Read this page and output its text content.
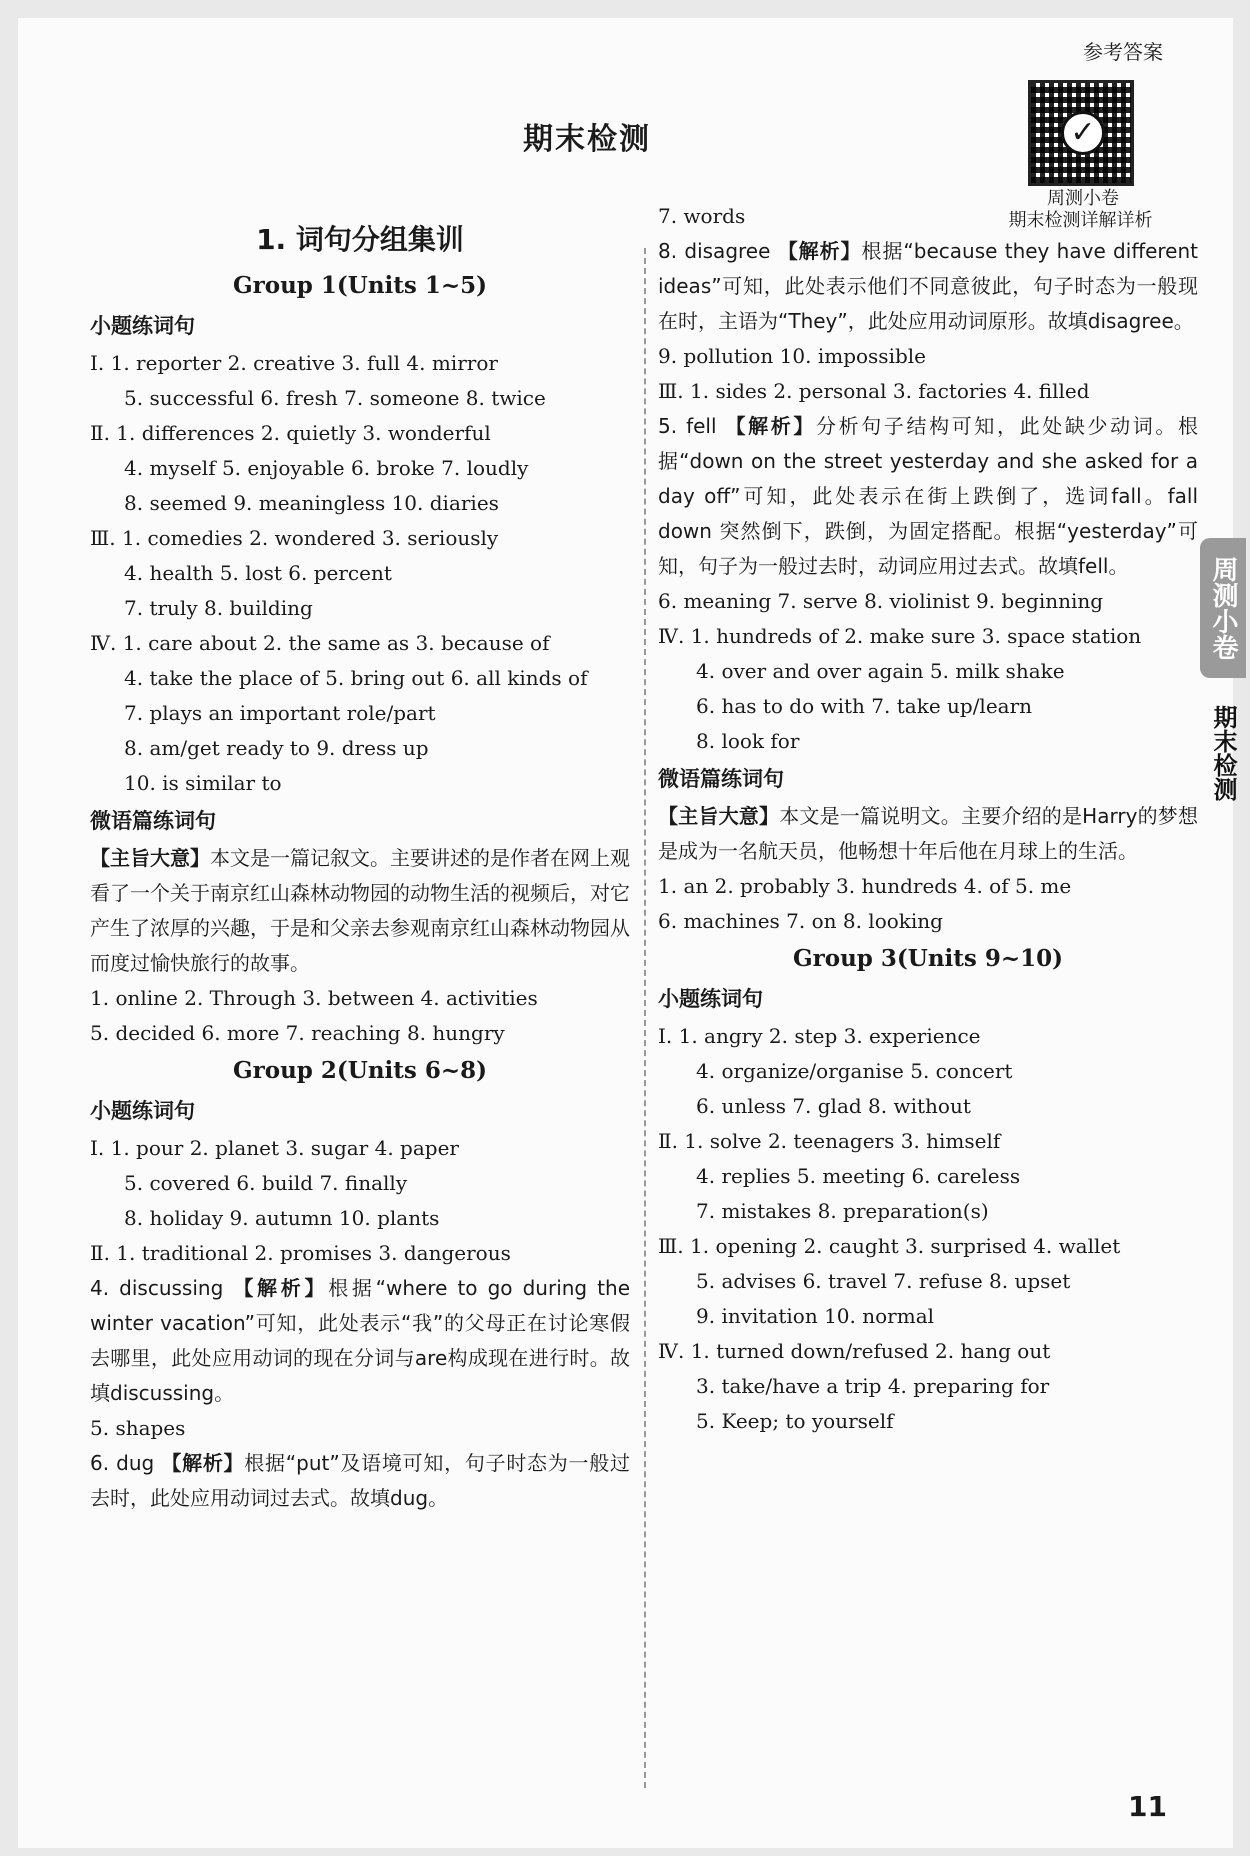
参考答案
✓
周测小卷
期末检测详解详析
期末检测
1. 词句分组集训
Group 1(Units 1~5)
小题练词句
Ⅰ. 1. reporter 2. creative 3. full 4. mirror
5. successful 6. fresh 7. someone 8. twice
Ⅱ. 1. differences 2. quietly 3. wonderful
4. myself 5. enjoyable 6. broke 7. loudly
8. seemed 9. meaningless 10. diaries
Ⅲ. 1. comedies 2. wondered 3. seriously
4. health 5. lost 6. percent
7. truly 8. building
Ⅳ. 1. care about 2. the same as 3. because of
4. take the place of 5. bring out 6. all kinds of
7. plays an important role/part
8. am/get ready to 9. dress up
10. is similar to
微语篇练词句
【主旨大意】本文是一篇记叙文。主要讲述的是作者在网上观看了一个关于南京红山森林动物园的动物生活的视频后，对它产生了浓厚的兴趣，于是和父亲去参观南京红山森林动物园从而度过愉快旅行的故事。
1. online 2. Through 3. between 4. activities
5. decided 6. more 7. reaching 8. hungry
Group 2(Units 6~8)
小题练词句
Ⅰ. 1. pour 2. planet 3. sugar 4. paper
5. covered 6. build 7. finally
8. holiday 9. autumn 10. plants
Ⅱ. 1. traditional 2. promises 3. dangerous
4. discussing 【解析】根据“where to go during the winter vacation”可知，此处表示“我”的父母正在讨论寒假去哪里，此处应用动词的现在分词与are构成现在进行时。故填discussing。
5. shapes
6. dug 【解析】根据“put”及语境可知，句子时态为一般过去时，此处应用动词过去式。故填dug。
7. words
8. disagree 【解析】根据“because they have different ideas”可知，此处表示他们不同意彼此，句子时态为一般现在时，主语为“They”，此处应用动词原形。故填disagree。
9. pollution 10. impossible
Ⅲ. 1. sides 2. personal 3. factories 4. filled
5. fell 【解析】分析句子结构可知，此处缺少动词。根据“down on the street yesterday and she asked for a day off”可知，此处表示在街上跌倒了，选词fall。fall down 突然倒下，跌倒，为固定搭配。根据“yesterday”可知，句子为一般过去时，动词应用过去式。故填fell。
6. meaning 7. serve 8. violinist 9. beginning
Ⅳ. 1. hundreds of 2. make sure 3. space station
4. over and over again 5. milk shake
6. has to do with 7. take up/learn
8. look for
微语篇练词句
【主旨大意】本文是一篇说明文。主要介绍的是Harry的梦想是成为一名航天员，他畅想十年后他在月球上的生活。
1. an 2. probably 3. hundreds 4. of 5. me
6. machines 7. on 8. looking
Group 3(Units 9~10)
小题练词句
Ⅰ. 1. angry 2. step 3. experience
4. organize/organise 5. concert
6. unless 7. glad 8. without
Ⅱ. 1. solve 2. teenagers 3. himself
4. replies 5. meeting 6. careless
7. mistakes 8. preparation(s)
Ⅲ. 1. opening 2. caught 3. surprised 4. wallet
5. advises 6. travel 7. refuse 8. upset
9. invitation 10. normal
Ⅳ. 1. turned down/refused 2. hang out
3. take/have a trip 4. preparing for
5. Keep; to yourself
周测小卷
期末检测
11
